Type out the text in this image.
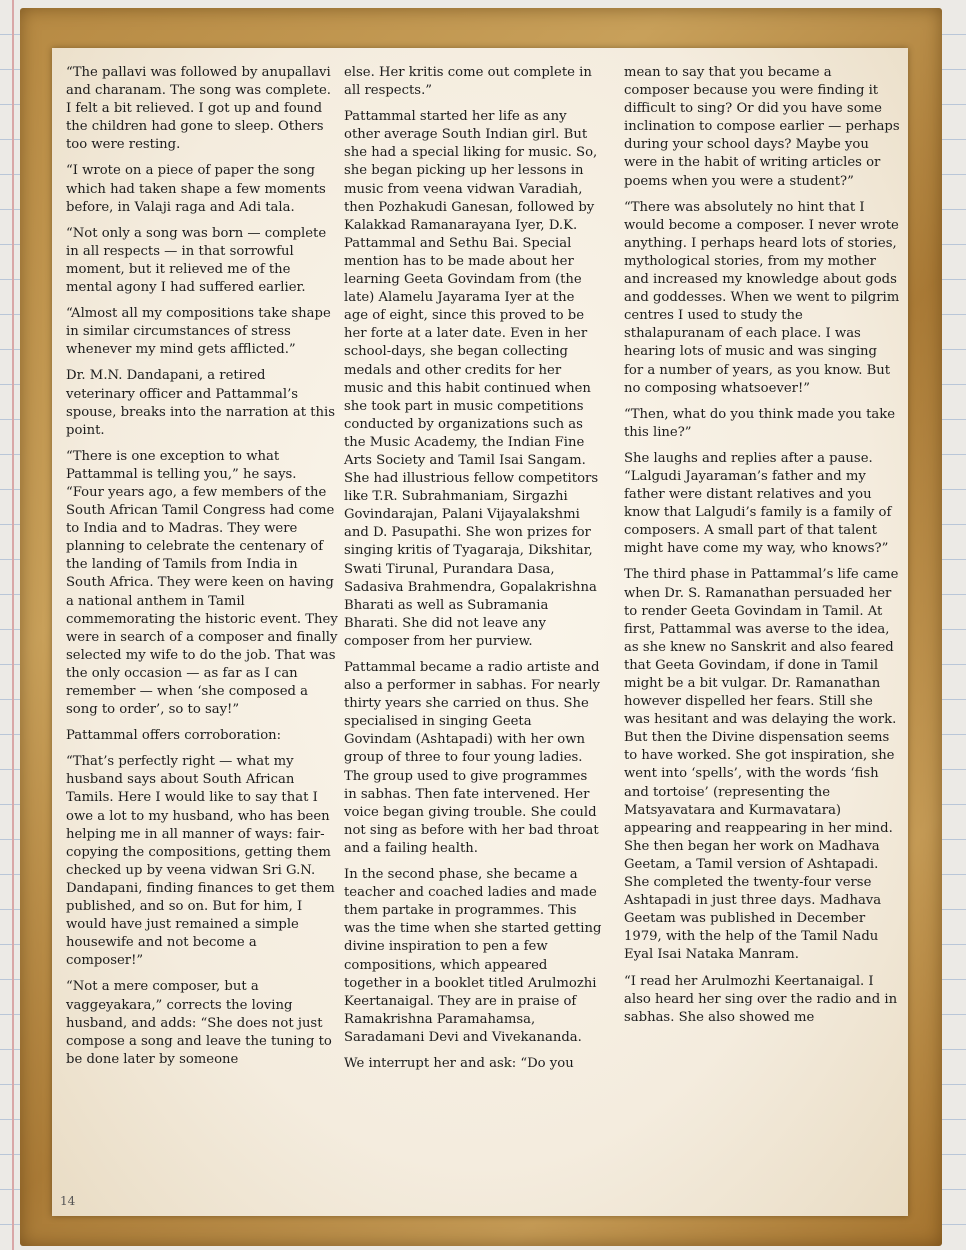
“The pallavi was followed by anupallavi and charanam. The song was complete. I felt a bit relieved. I got up and found the children had gone to sleep. Others too were resting.

“I wrote on a piece of paper the song which had taken shape a few moments before, in Valaji raga and Adi tala.

“Not only a song was born — complete in all respects — in that sorrowful moment, but it relieved me of the mental agony I had suffered earlier.

“Almost all my compositions take shape in similar circumstances of stress whenever my mind gets afflicted.”

Dr. M.N. Dandapani, a retired veterinary officer and Pattammal’s spouse, breaks into the narration at this point.

“There is one exception to what Pattammal is telling you,” he says. “Four years ago, a few members of the South African Tamil Congress had come to India and to Madras. They were planning to celebrate the centenary of the landing of Tamils from India in South Africa. They were keen on having a national anthem in Tamil commemorating the historic event. They were in search of a composer and finally selected my wife to do the job. That was the only occasion — as far as I can remember — when ‘she composed a song to order’, so to say!”

Pattammal offers corroboration:

“That’s perfectly right — what my husband says about South African Tamils. Here I would like to say that I owe a lot to my husband, who has been helping me in all manner of ways: fair-copying the compositions, getting them checked up by veena vidwan Sri G.N. Dandapani, finding finances to get them published, and so on. But for him, I would have just remained a simple housewife and not become a composer!”

“Not a mere composer, but a vaggeyakara,” corrects the loving husband, and adds: “She does not just compose a song and leave the tuning to be done later by someone

else. Her kritis come out complete in all respects.”

Pattammal started her life as any other average South Indian girl. But she had a special liking for music. So, she began picking up her lessons in music from veena vidwan Varadiah, then Pozhakudi Ganesan, followed by Kalakkad Ramanarayana Iyer, D.K. Pattammal and Sethu Bai. Special mention has to be made about her learning Geeta Govindam from (the late) Alamelu Jayarama Iyer at the age of eight, since this proved to be her forte at a later date. Even in her school-days, she began collecting medals and other credits for her music and this habit continued when she took part in music competitions conducted by organizations such as the Music Academy, the Indian Fine Arts Society and Tamil Isai Sangam. She had illustrious fellow competitors like T.R. Subrahmaniam, Sirgazhi Govindarajan, Palani Vijayalakshmi and D. Pasupathi. She won prizes for singing kritis of Tyagaraja, Dikshitar, Swati Tirunal, Purandara Dasa, Sadasiva Brahmendra, Gopalakrishna Bharati as well as Subramania Bharati. She did not leave any composer from her purview.

Pattammal became a radio artiste and also a performer in sabhas. For nearly thirty years she carried on thus. She specialised in singing Geeta Govindam (Ashtapadi) with her own group of three to four young ladies. The group used to give programmes in sabhas. Then fate intervened. Her voice began giving trouble. She could not sing as before with her bad throat and a failing health.

In the second phase, she became a teacher and coached ladies and made them partake in programmes. This was the time when she started getting divine inspiration to pen a few compositions, which appeared together in a booklet titled Arulmozhi Keertanaigal. They are in praise of Ramakrishna Paramahamsa, Saradamani Devi and Vivekananda.

We interrupt her and ask: “Do you

mean to say that you became a composer because you were finding it difficult to sing? Or did you have some inclination to compose earlier — perhaps during your school days? Maybe you were in the habit of writing articles or poems when you were a student?”

“There was absolutely no hint that I would become a composer. I never wrote anything. I perhaps heard lots of stories, mythological stories, from my mother and increased my knowledge about gods and goddesses. When we went to pilgrim centres I used to study the sthalapuranam of each place. I was hearing lots of music and was singing for a number of years, as you know. But no composing whatsoever!”

“Then, what do you think made you take this line?”

She laughs and replies after a pause. “Lalgudi Jayaraman’s father and my father were distant relatives and you know that Lalgudi’s family is a family of composers. A small part of that talent might have come my way, who knows?”

The third phase in Pattammal’s life came when Dr. S. Ramanathan persuaded her to render Geeta Govindam in Tamil. At first, Pattammal was averse to the idea, as she knew no Sanskrit and also feared that Geeta Govindam, if done in Tamil might be a bit vulgar. Dr. Ramanathan however dispelled her fears. Still she was hesitant and was delaying the work. But then the Divine dispensation seems to have worked. She got inspiration, she went into ‘spells’, with the words ‘fish and tortoise’ (representing the Matsyavatara and Kurmavatara) appearing and reappearing in her mind. She then began her work on Madhava Geetam, a Tamil version of Ashtapadi. She completed the twenty-four verse Ashtapadi in just three days. Madhava Geetam was published in December 1979, with the help of the Tamil Nadu Eyal Isai Nataka Manram.

“I read her Arulmozhi Keertanaigal. I also heard her sing over the radio and in sabhas. She also showed me

14
